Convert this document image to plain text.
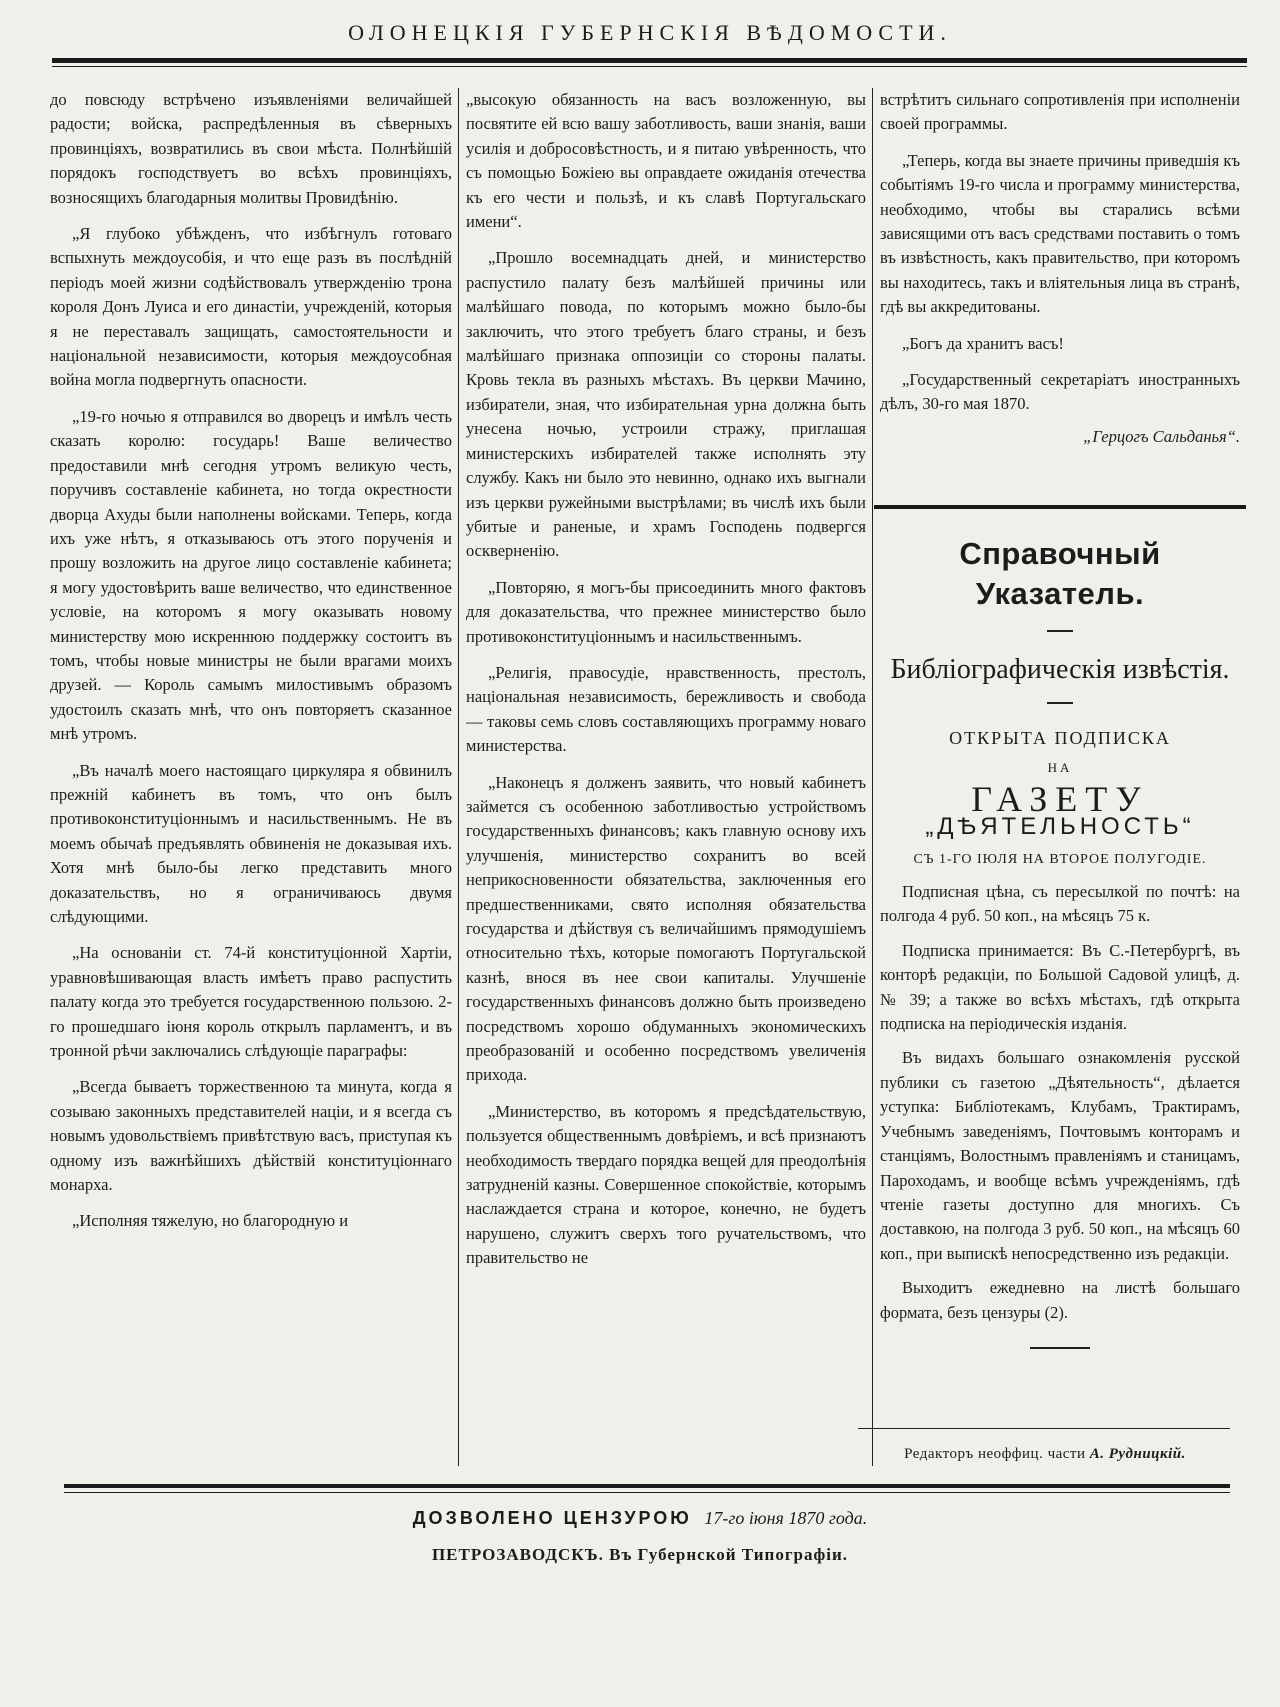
ОЛОНЕЦКІЯ ГУБЕРНСКІЯ ВѢДОМОСТИ.

до повсюду встрѣчено изъявленіями величайшей радости; войска, распредѣленныя въ сѣверныхъ провинціяхъ, возвратились въ свои мѣста. Полнѣйшій порядокъ господствуетъ во всѣхъ провинціяхъ, возносящихъ благодарныя молитвы Провидѣнію.

„Я глубоко убѣжденъ, что избѣгнулъ готоваго вспыхнуть междоусобія, и что еще разъ въ послѣдній періодъ моей жизни содѣйствовалъ утвержденію трона короля Донъ Луиса и его династіи, учрежденій, которыя я не переставалъ защищать, самостоятельности и національной независимости, которыя междоусобная война могла подвергнуть опасности.

„19-го ночью я отправился во дворецъ и имѣлъ честь сказать королю: государь! Ваше величество предоставили мнѣ сегодня утромъ великую честь, поручивъ составленіе кабинета, но тогда окрестности дворца Ахуды были наполнены войсками. Теперь, когда ихъ уже нѣтъ, я отказываюсь отъ этого порученія и прошу возложить на другое лицо составленіе кабинета; я могу удостовѣрить ваше величество, что единственное условіе, на которомъ я могу оказывать новому министерству мою искреннюю поддержку состоитъ въ томъ, чтобы новые министры не были врагами моихъ друзей. — Король самымъ милостивымъ образомъ удостоилъ сказать мнѣ, что онъ повторяетъ сказанное мнѣ утромъ.

„Въ началѣ моего настоящаго циркуляра я обвинилъ прежній кабинетъ въ томъ, что онъ былъ противоконституціоннымъ и насильственнымъ. Не въ моемъ обычаѣ предъявлять обвиненія не доказывая ихъ. Хотя мнѣ было-бы легко представить много доказательствъ, но я ограничиваюсь двумя слѣдующими.

„На основаніи ст. 74-й конституціонной Хартіи, уравновѣшивающая власть имѣетъ право распустить палату когда это требуется государственною пользою. 2-го прошедшаго іюня король открылъ парламентъ, и въ тронной рѣчи заключались слѣдующіе параграфы:

„Всегда бываетъ торжественною та минута, когда я созываю законныхъ представителей націи, и я всегда съ новымъ удовольствіемъ привѣтствую васъ, приступая къ одному изъ важнѣйшихъ дѣйствій конституціоннаго монарха.

„Исполняя тяжелую, но благородную и

„высокую обязанность на васъ возложенную, вы посвятите ей всю вашу заботливость, ваши знанія, ваши усилія и добросовѣстность, и я питаю увѣренность, что съ помощью Божіею вы оправдаете ожиданія отечества къ его чести и пользѣ, и къ славѣ Португальскаго имени“.

„Прошло восемнадцать дней, и министерство распустило палату безъ малѣйшей причины или малѣйшаго повода, по которымъ можно было-бы заключить, что этого требуетъ благо страны, и безъ малѣйшаго признака оппозиціи со стороны палаты. Кровь текла въ разныхъ мѣстахъ. Въ церкви Мачино, избиратели, зная, что избирательная урна должна быть унесена ночью, устроили стражу, приглашая министерскихъ избирателей также исполнять эту службу. Какъ ни было это невинно, однако ихъ выгнали изъ церкви ружейными выстрѣлами; въ числѣ ихъ были убитые и раненые, и храмъ Господень подвергся оскверненію.

„Повторяю, я могъ-бы присоединить много фактовъ для доказательства, что прежнее министерство было противоконституціоннымъ и насильственнымъ.

„Религія, правосудіе, нравственность, престолъ, національная независимость, бережливость и свобода — таковы семь словъ составляющихъ программу новаго министерства.

„Наконецъ я долженъ заявить, что новый кабинетъ займется съ особенною заботливостью устройствомъ государственныхъ финансовъ; какъ главную основу ихъ улучшенія, министерство сохранитъ во всей неприкосновенности обязательства, заключенныя его предшественниками, свято исполняя обязательства государства и дѣйствуя съ величайшимъ прямодушіемъ относительно тѣхъ, которые помогаютъ Португальской казнѣ, внося въ нее свои капиталы. Улучшеніе государственныхъ финансовъ должно быть произведено посредствомъ хорошо обдуманныхъ экономическихъ преобразованій и особенно посредствомъ увеличенія прихода.

„Министерство, въ которомъ я предсѣдательствую, пользуется общественнымъ довѣріемъ, и всѣ признаютъ необходимость твердаго порядка вещей для преодолѣнія затрудненій казны. Совершенное спокойствіе, которымъ наслаждается страна и которое, конечно, не будетъ нарушено, служитъ сверхъ того ручательствомъ, что правительство не

встрѣтитъ сильнаго сопротивленія при исполненіи своей программы.

„Теперь, когда вы знаете причины приведшія къ событіямъ 19-го числа и программу министерства, необходимо, чтобы вы старались всѣми зависящими отъ васъ средствами поставить о томъ въ извѣстность, какъ правительство, при которомъ вы находитесь, такъ и вліятельныя лица въ странѣ, гдѣ вы аккредитованы.

„Богъ да хранитъ васъ!

„Государственный секретаріатъ иностранныхъ дѣлъ, 30-го мая 1870.

„Герцогъ Сальданья“.
Справочный Указатель.
Библіографическія извѣстія.
ОТКРЫТА ПОДПИСКА
НА
ГАЗЕТУ
„ДѢЯТЕЛЬНОСТЬ“
СЪ 1-ГО ІЮЛЯ НА ВТОРОЕ ПОЛУГОДІЕ.

Подписная цѣна, съ пересылкой по почтѣ: на полгода 4 руб. 50 коп., на мѣсяцъ 75 к.

Подписка принимается: Въ С.-Петербургѣ, въ конторѣ редакціи, по Большой Садовой улицѣ, д. № 39; а также во всѣхъ мѣстахъ, гдѣ открыта подписка на періодическія изданія.

Въ видахъ большаго ознакомленія русской публики съ газетою „Дѣятельность“, дѣлается уступка: Библіотекамъ, Клубамъ, Трактирамъ, Учебнымъ заведеніямъ, Почтовымъ конторамъ и станціямъ, Волостнымъ правленіямъ и станицамъ, Пароходамъ, и вообще всѣмъ учрежденіямъ, гдѣ чтеніе газеты доступно для многихъ. Съ доставкою, на полгода 3 руб. 50 коп., на мѣсяцъ 60 коп., при выпискѣ непосредственно изъ редакціи.

Выходитъ ежедневно на листѣ большаго формата, безъ цензуры (2).

Редакторъ неоффиц. части А. Рудницкій.
ДОЗВОЛЕНО ЦЕНЗУРОЮ 17-го іюня 1870 года.
ПЕТРОЗАВОДСКЪ. Въ Губернской Типографіи.
